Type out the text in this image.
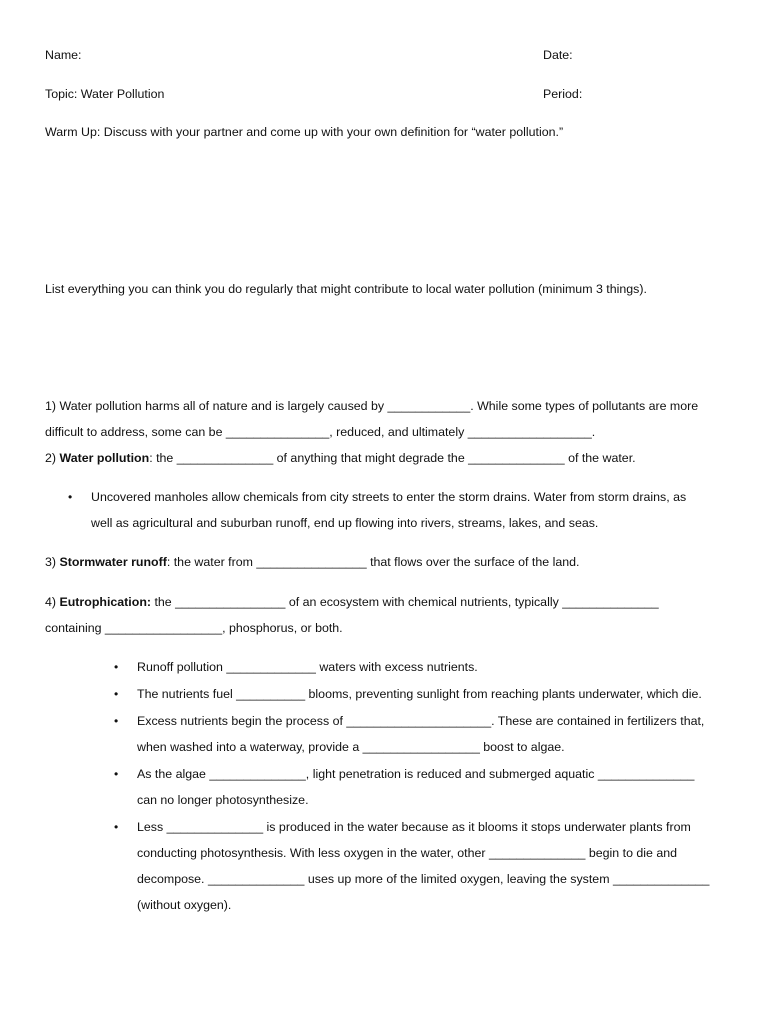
Name:	Date:
Topic: Water Pollution	Period:
Warm Up: Discuss with your partner and come up with your own definition for “water pollution.”
List everything you can think you do regularly that might contribute to local water pollution (minimum 3 things).
1) Water pollution harms all of nature and is largely caused by ____________. While some types of pollutants are more
difficult to address, some can be _______________, reduced, and ultimately __________________.
2) Water pollution: the ______________ of anything that might degrade the ______________ of the water.
• Uncovered manholes allow chemicals from city streets to enter the storm drains. Water from storm drains, as
well as agricultural and suburban runoff, end up flowing into rivers, streams, lakes, and seas.
3) Stormwater runoff: the water from ________________ that flows over the surface of the land.
4) Eutrophication: the ________________ of an ecosystem with chemical nutrients, typically ______________
containing _________________, phosphorus, or both.
• Runoff pollution _____________ waters with excess nutrients.
• The nutrients fuel __________ blooms, preventing sunlight from reaching plants underwater, which die.
• Excess nutrients begin the process of _____________________. These are contained in fertilizers that,
when washed into a waterway, provide a _________________ boost to algae.
• As the algae ______________, light penetration is reduced and submerged aquatic ______________
can no longer photosynthesize.
• Less ______________ is produced in the water because as it blooms it stops underwater plants from
conducting photosynthesis. With less oxygen in the water, other ______________ begin to die and
decompose. ______________ uses up more of the limited oxygen, leaving the system ______________
(without oxygen).
